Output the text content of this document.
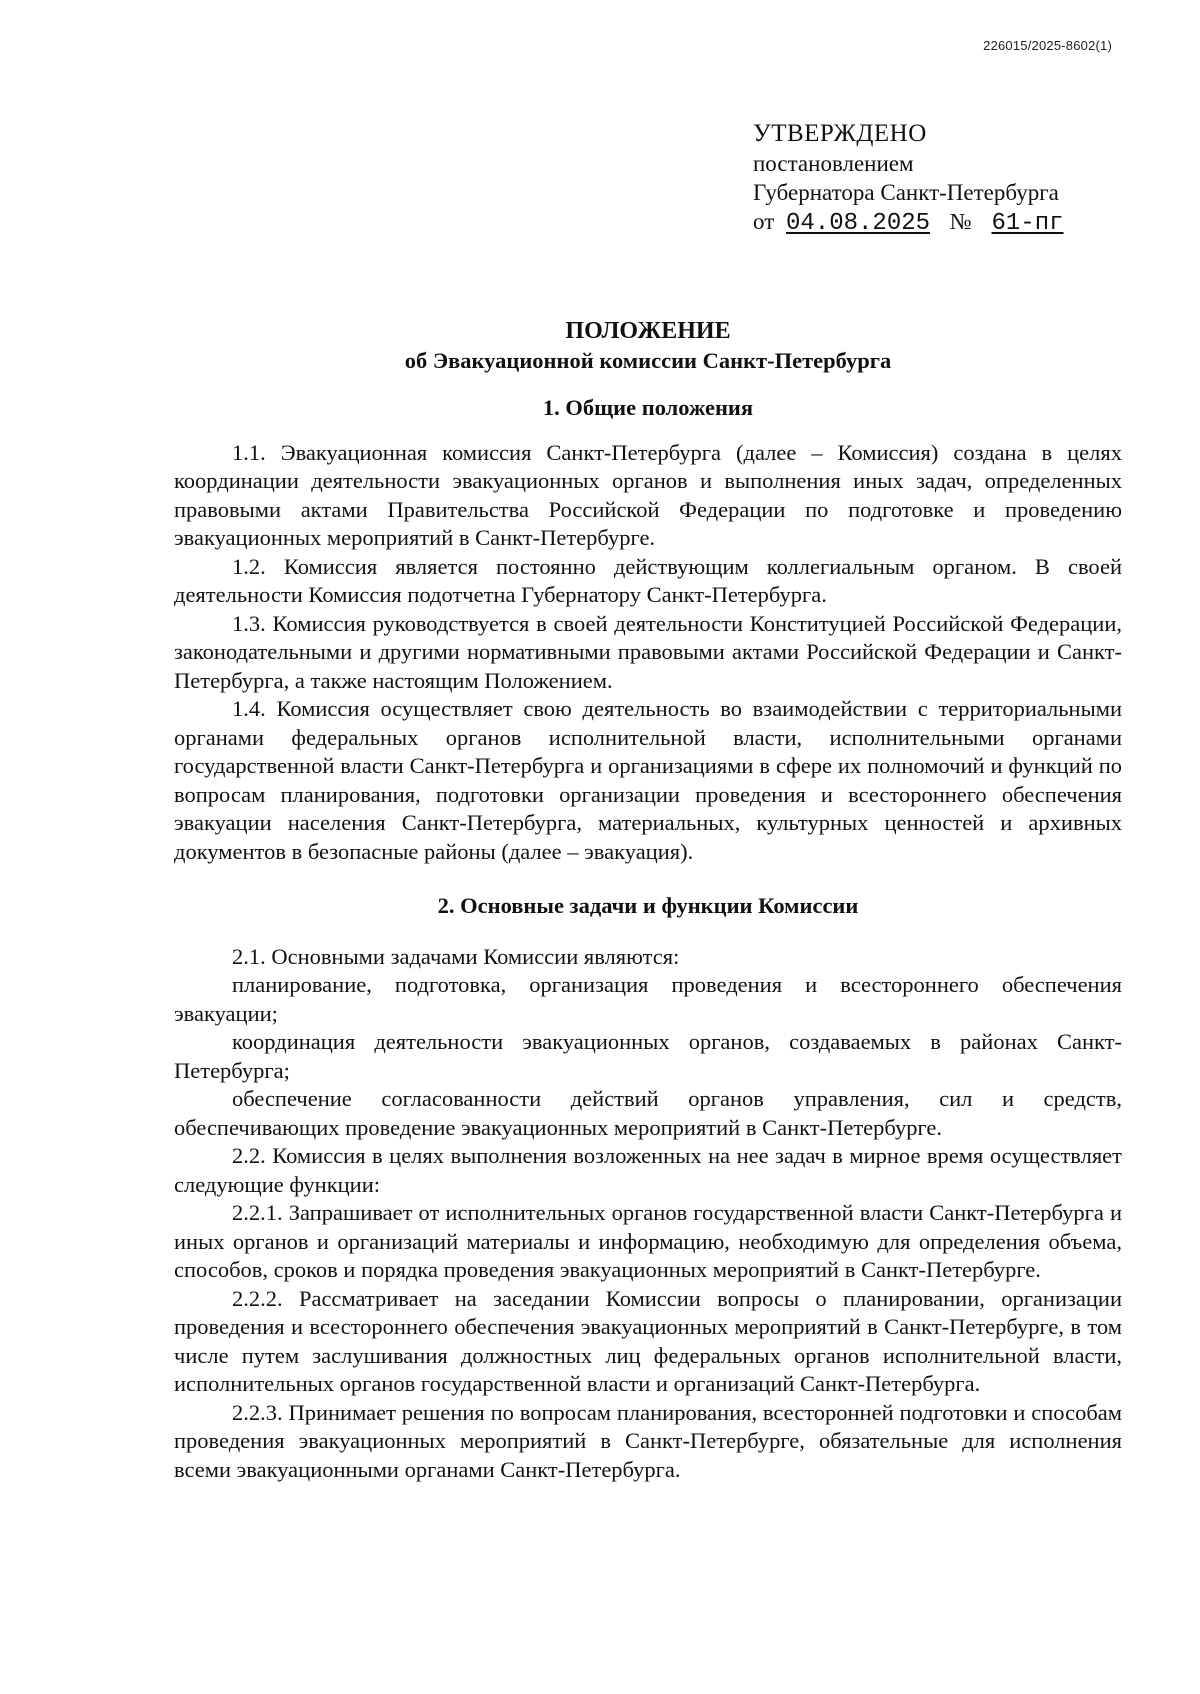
226015/2025-8602(1)
УТВЕРЖДЕНО
постановлением
Губернатора Санкт-Петербурга
от 04.08.2025 № 61-пг
ПОЛОЖЕНИЕ
об Эвакуационной комиссии Санкт-Петербурга
1. Общие положения

1.1. Эвакуационная комиссия Санкт-Петербурга (далее – Комиссия) создана в целях координации деятельности эвакуационных органов и выполнения иных задач, определенных правовыми актами Правительства Российской Федерации по подготовке и проведению эвакуационных мероприятий в Санкт-Петербурге.

1.2. Комиссия является постоянно действующим коллегиальным органом. В своей деятельности Комиссия подотчетна Губернатору Санкт-Петербурга.

1.3. Комиссия руководствуется в своей деятельности Конституцией Российской Федерации, законодательными и другими нормативными правовыми актами Российской Федерации и Санкт-Петербурга, а также настоящим Положением.

1.4. Комиссия осуществляет свою деятельность во взаимодействии с территориальными органами федеральных органов исполнительной власти, исполнительными органами государственной власти Санкт-Петербурга и организациями в сфере их полномочий и функций по вопросам планирования, подготовки организации проведения и всестороннего обеспечения эвакуации населения Санкт-Петербурга, материальных, культурных ценностей и архивных документов в безопасные районы (далее – эвакуация).

2. Основные задачи и функции Комиссии

2.1. Основными задачами Комиссии являются:

планирование, подготовка, организация проведения и всестороннего обеспечения эвакуации;

координация деятельности эвакуационных органов, создаваемых в районах Санкт-Петербурга;

обеспечение согласованности действий органов управления, сил и средств, обеспечивающих проведение эвакуационных мероприятий в Санкт-Петербурге.

2.2. Комиссия в целях выполнения возложенных на нее задач в мирное время осуществляет следующие функции:

2.2.1. Запрашивает от исполнительных органов государственной власти Санкт-Петербурга и иных органов и организаций материалы и информацию, необходимую для определения объема, способов, сроков и порядка проведения эвакуационных мероприятий в Санкт-Петербурге.

2.2.2. Рассматривает на заседании Комиссии вопросы о планировании, организации проведения и всестороннего обеспечения эвакуационных мероприятий в Санкт-Петербурге, в том числе путем заслушивания должностных лиц федеральных органов исполнительной власти, исполнительных органов государственной власти и организаций Санкт-Петербурга.

2.2.3. Принимает решения по вопросам планирования, всесторонней подготовки и способам проведения эвакуационных мероприятий в Санкт-Петербурге, обязательные для исполнения всеми эвакуационными органами Санкт-Петербурга.
